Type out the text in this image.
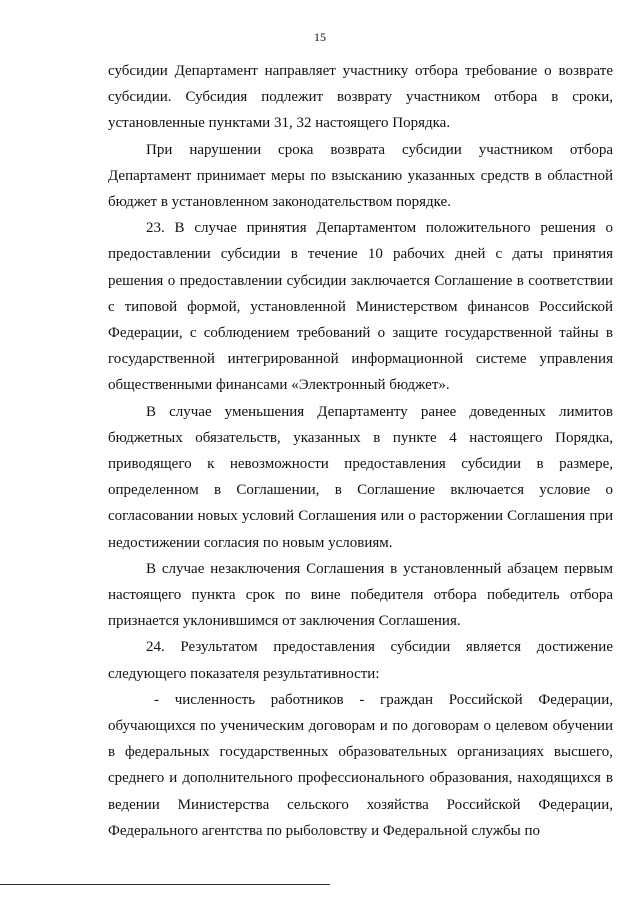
15

субсидии Департамент направляет участнику отбора требование о возврате субсидии. Субсидия подлежит возврату участником отбора в сроки, установленные пунктами 31, 32 настоящего Порядка.

При нарушении срока возврата субсидии участником отбора Департамент принимает меры по взысканию указанных средств в областной бюджет в установленном законодательством порядке.

23. В случае принятия Департаментом положительного решения о предоставлении субсидии в течение 10 рабочих дней с даты принятия решения о предоставлении субсидии заключается Соглашение в соответствии с типовой формой, установленной Министерством финансов Российской Федерации, с соблюдением требований о защите государственной тайны в государственной интегрированной информационной системе управления общественными финансами «Электронный бюджет».

В случае уменьшения Департаменту ранее доведенных лимитов бюджетных обязательств, указанных в пункте 4 настоящего Порядка, приводящего к невозможности предоставления субсидии в размере, определенном в Соглашении, в Соглашение включается условие о согласовании новых условий Соглашения или о расторжении Соглашения при недостижении согласия по новым условиям.

В случае незаключения Соглашения в установленный абзацем первым настоящего пункта срок по вине победителя отбора победитель отбора признается уклонившимся от заключения Соглашения.

24. Результатом предоставления субсидии является достижение следующего показателя результативности:

- численность работников - граждан Российской Федерации, обучающихся по ученическим договорам и по договорам о целевом обучении в федеральных государственных образовательных организациях высшего, среднего и дополнительного профессионального образования, находящихся в ведении Министерства сельского хозяйства Российской Федерации, Федерального агентства по рыболовству и Федеральной службы по
